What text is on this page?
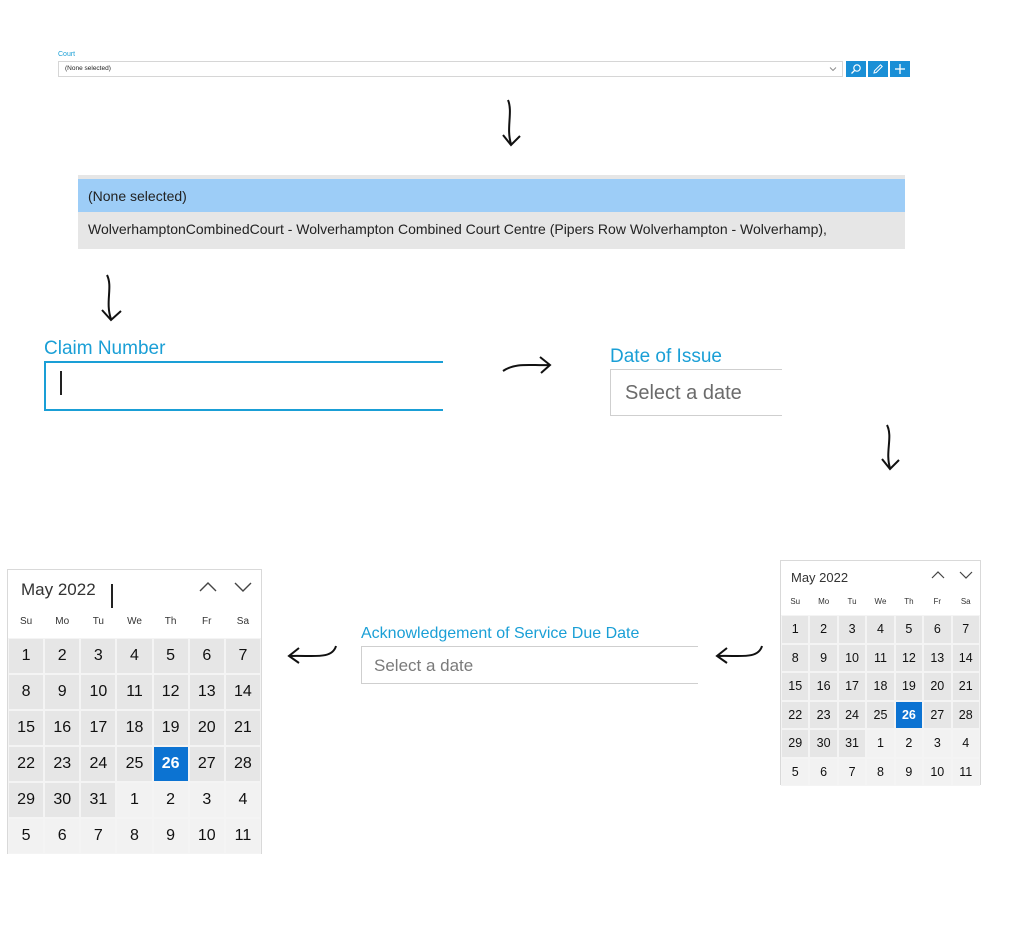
Court
(None selected)
(None selected)
WolverhamptonCombinedCourt - Wolverhampton Combined Court Centre (Pipers Row Wolverhampton - Wolverhamp),
Claim Number	Date of Issue
Select a date
May 2022
Su	Mo	Tu	We	Th	Fr	Sa
1	2	3	4	5	6	7
8	9	10	11	12	13	14
15	16	17	18	19	20	21
22	23	24	25	26	27	28
29	30	31	1	2	3	4
5	6	7	8	9	10	11
Acknowledgement of Service Due Date
Select a date
May 2022
Su	Mo	Tu	We	Th	Fr	Sa
1	2	3	4	5	6	7
8	9	10	11	12	13	14
15	16	17	18	19	20	21
22	23	24	25	26	27	28
29	30	31	1	2	3	4
5	6	7	8	9	10	11
